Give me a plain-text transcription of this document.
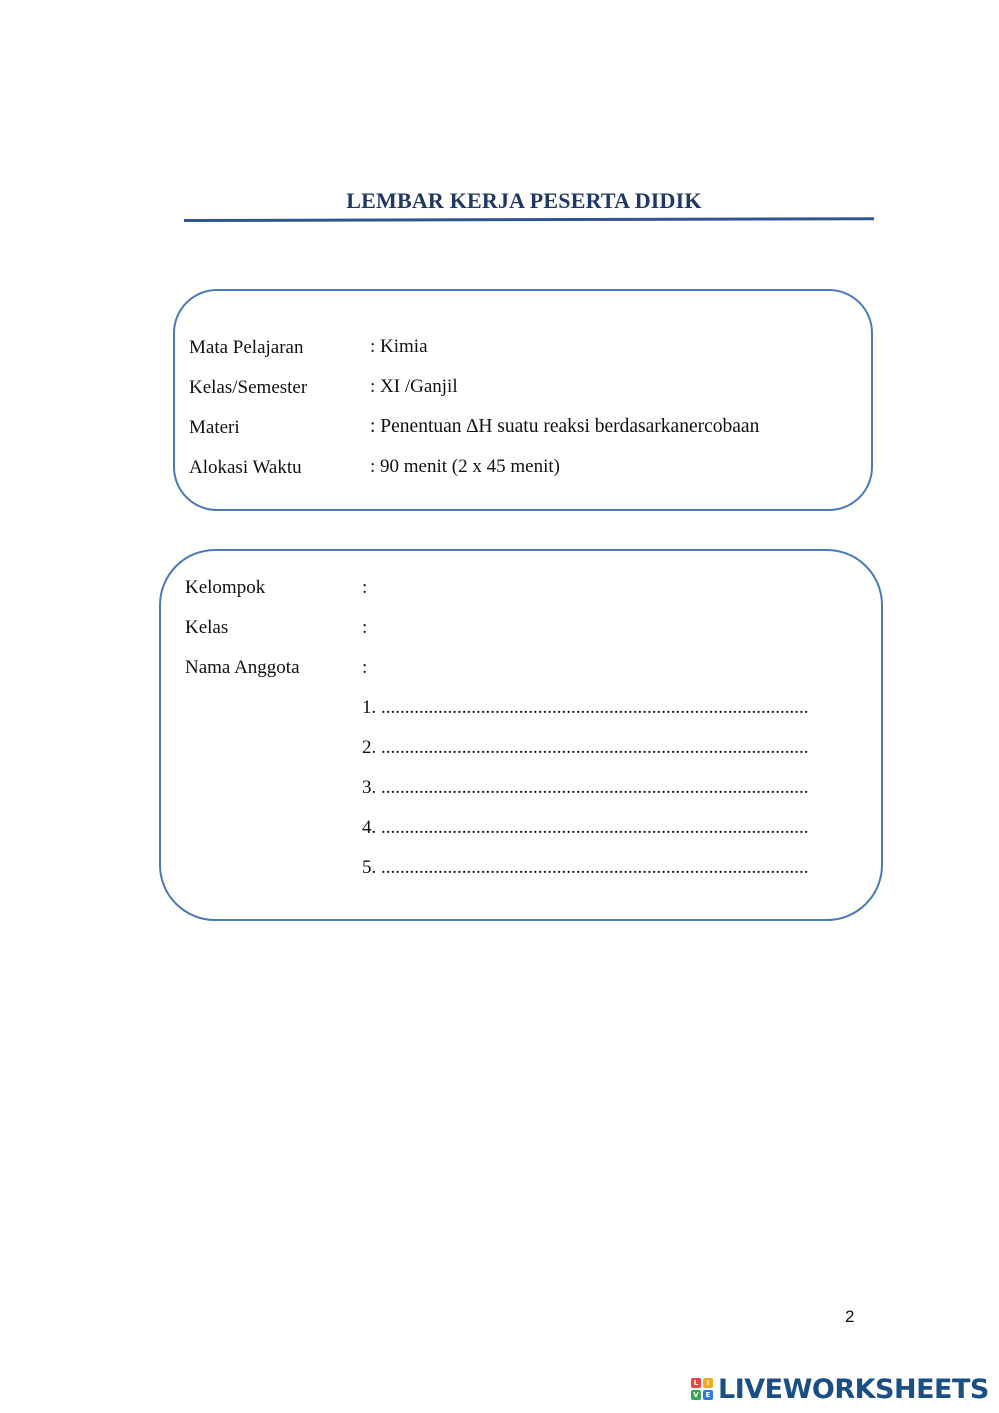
LEMBAR KERJA PESERTA DIDIK
Mata Pelajaran	: Kimia
Kelas/Semester	: XI /Ganjil
Materi	: Penentuan ∆H suatu reaksi berdasarkanercobaan
Alokasi Waktu	: 90 menit (2 x 45 menit)
Kelompok	:
Kelas	:
Nama Anggota	:
1. ..........................................................................................
2. ..........................................................................................
3. ..........................................................................................
4. ..........................................................................................
5. ..........................................................................................
2
L	I
V E LIVEWORKSHEETS
